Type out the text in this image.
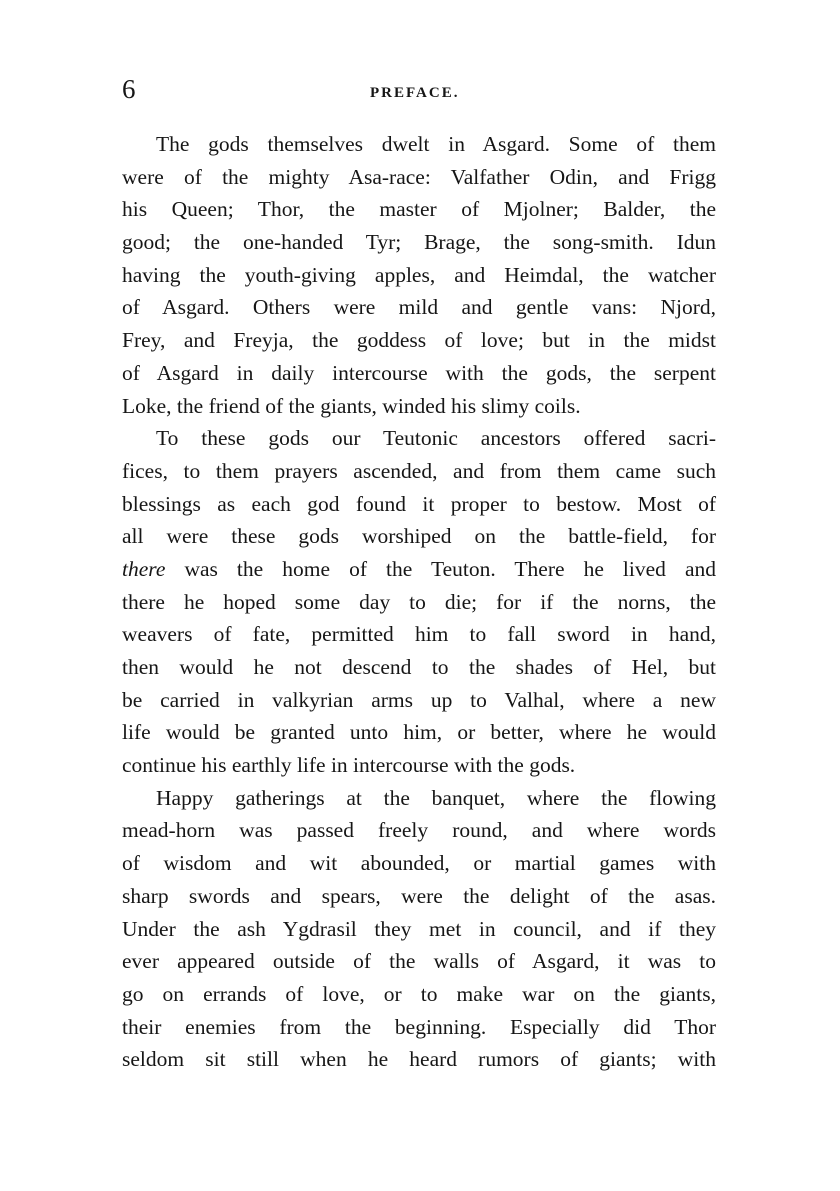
6	PREFACE.
The gods themselves dwelt in Asgard. Some of them
were of the mighty Asa-race: Valfather Odin, and Frigg
his Queen; Thor, the master of Mjolner; Balder, the
good; the one-handed Tyr; Brage, the song-smith. Idun
having the youth-giving apples, and Heimdal, the watcher
of Asgard. Others were mild and gentle vans: Njord,
Frey, and Freyja, the goddess of love; but in the midst
of Asgard in daily intercourse with the gods, the serpent
Loke, the friend of the giants, winded his slimy coils.
To these gods our Teutonic ancestors offered sacri-
fices, to them prayers ascended, and from them came such
blessings as each god found it proper to bestow. Most of
all were these gods worshiped on the battle-field, for
there was the home of the Teuton. There he lived and
there he hoped some day to die; for if the norns, the
weavers of fate, permitted him to fall sword in hand,
then would he not descend to the shades of Hel, but
be carried in valkyrian arms up to Valhal, where a new
life would be granted unto him, or better, where he would
continue his earthly life in intercourse with the gods.
Happy gatherings at the banquet, where the flowing
mead-horn was passed freely round, and where words
of wisdom and wit abounded, or martial games with
sharp swords and spears, were the delight of the asas.
Under the ash Ygdrasil they met in council, and if they
ever appeared outside of the walls of Asgard, it was to
go on errands of love, or to make war on the giants,
their enemies from the beginning. Especially did Thor
seldom sit still when he heard rumors of giants; with
